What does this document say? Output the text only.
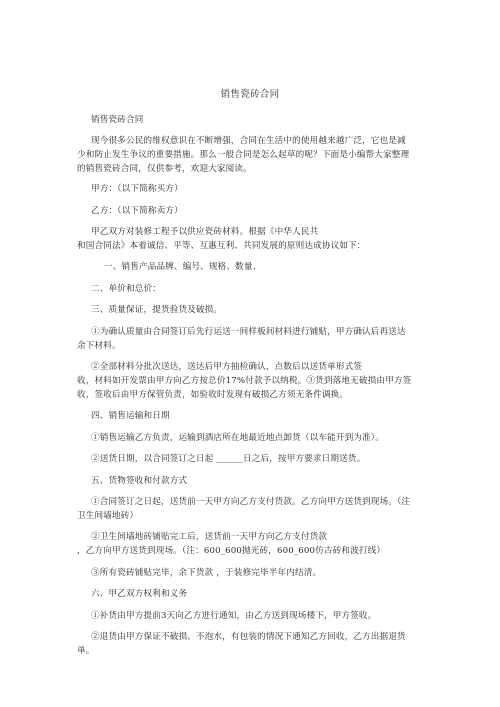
销售瓷砖合同
销售瓷砖合同
现今很多公民的维权意识在不断增强，合同在生活中的使用越来越广泛，它也是减
少和防止发生争议的重要措施。那么一般合同是怎么起草的呢？下面是小编帮大家整理
的销售瓷砖合同，仅供参考，欢迎大家阅读。
甲方：（以下简称买方）
乙方：（以下简称卖方）
甲乙双方对装修工程予以供应瓷砖材料。根据《中华人民共
和国合同法》本着诚信、平等、互惠互利、共同发展的原则达成协议如下：
一、销售产品品牌、编号、规格、数量、
二、单价和总价：
三、质量保证，提货验货及破损。
①为确认质量由合同签订后先行运送一间样板间材料进行铺贴，甲方确认后再送达
余下材料。
②全部材料分批次送达，送达后甲方抽检确认，点数后以送货单形式签
收，材料如开发票由甲方向乙方按总价17%付款予以纳税。③货到落地无破损由甲方签
收，签收后由甲方保管负责，如验收时发现有破损乙方须无条件调换。
四、销售运输和日期
①销售运输乙方负责，运输到酒店所在地最近地点卸货（以车能开到为准）。
②送货日期，以合同签订之日起 ______日之后，按甲方要求日期送货。
五、货物签收和付款方式
①合同签订之日起，送货前一天甲方向乙方支付货款。乙方向甲方送货到现场。（注
卫生间墙地砖）
②卫生间墙地砖铺贴完工后，送货前一天甲方向乙方支付货款
，乙方向甲方送货到现场。（注：600_600抛光砖，600_600仿古砖和波打线）
③所有瓷砖铺贴完毕，余下货款 ，于装修完毕半年内结清。
六、甲乙双方权利和义务
①补货由甲方提前3天向乙方进行通知，由乙方送到现场楼下，甲方签收。
②退货由甲方保证不破损、不泡水，有包装的情况下通知乙方回收，乙方出据退货
单。
